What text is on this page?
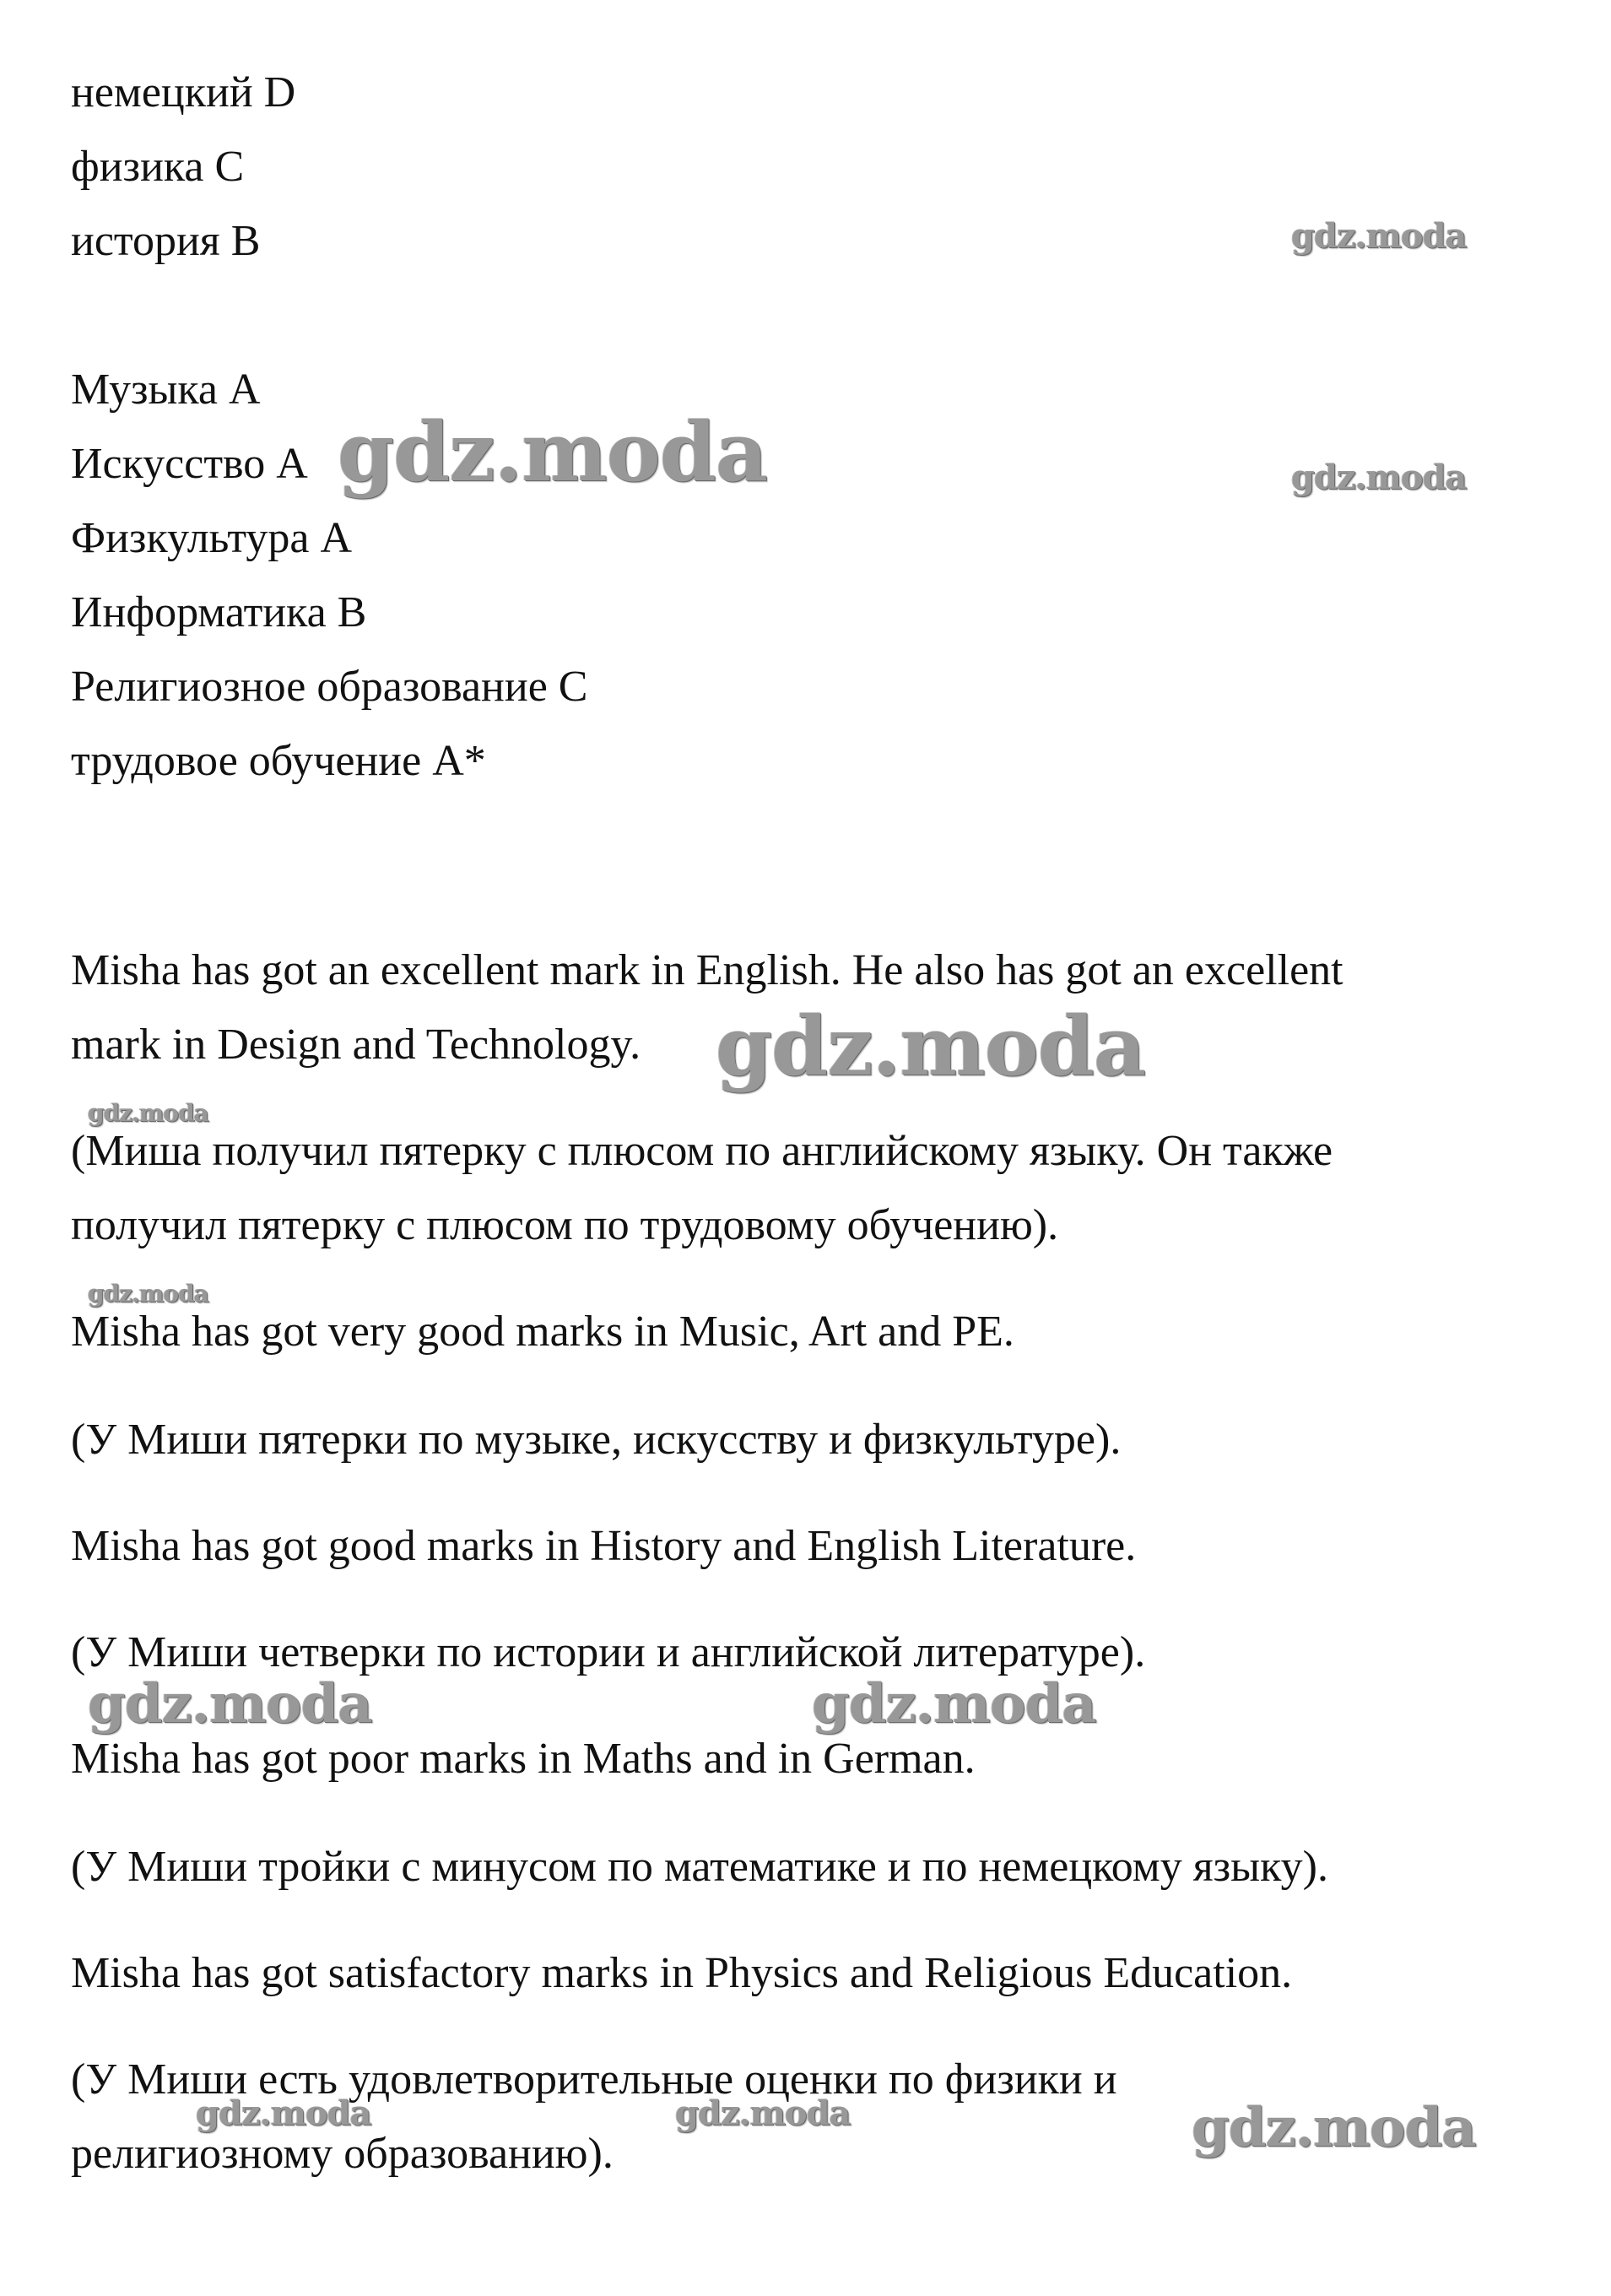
немецкий D
физика C
история B
Музыка A
Искусство A
Физкультура A
Информатика B
Религиозное образование C
трудовое обучение A*
Misha has got an excellent mark in English. He also has got an excellent
mark in Design and Technology.
(Миша получил пятерку с плюсом по английскому языку. Он также
получил пятерку с плюсом по трудовому обучению).
Misha has got very good marks in Music, Art and PE.
(У Миши пятерки по музыке, искусству и физкультуре).
Misha has got good marks in History and English Literature.
(У Миши четверки по истории и английской литературе).
Misha has got poor marks in Maths and in German.
(У Миши тройки с минусом по математике и по немецкому языку).
Misha has got satisfactory marks in Physics and Religious Education.
(У Миши есть удовлетворительные оценки по физики и
религиозному образованию).
gdz.moda
gdz.moda	gdz.moda
gdz.moda
gdz.moda
gdz.moda
gdz.moda	gdz.moda
gdz.moda	gdz.moda	gdz.moda
